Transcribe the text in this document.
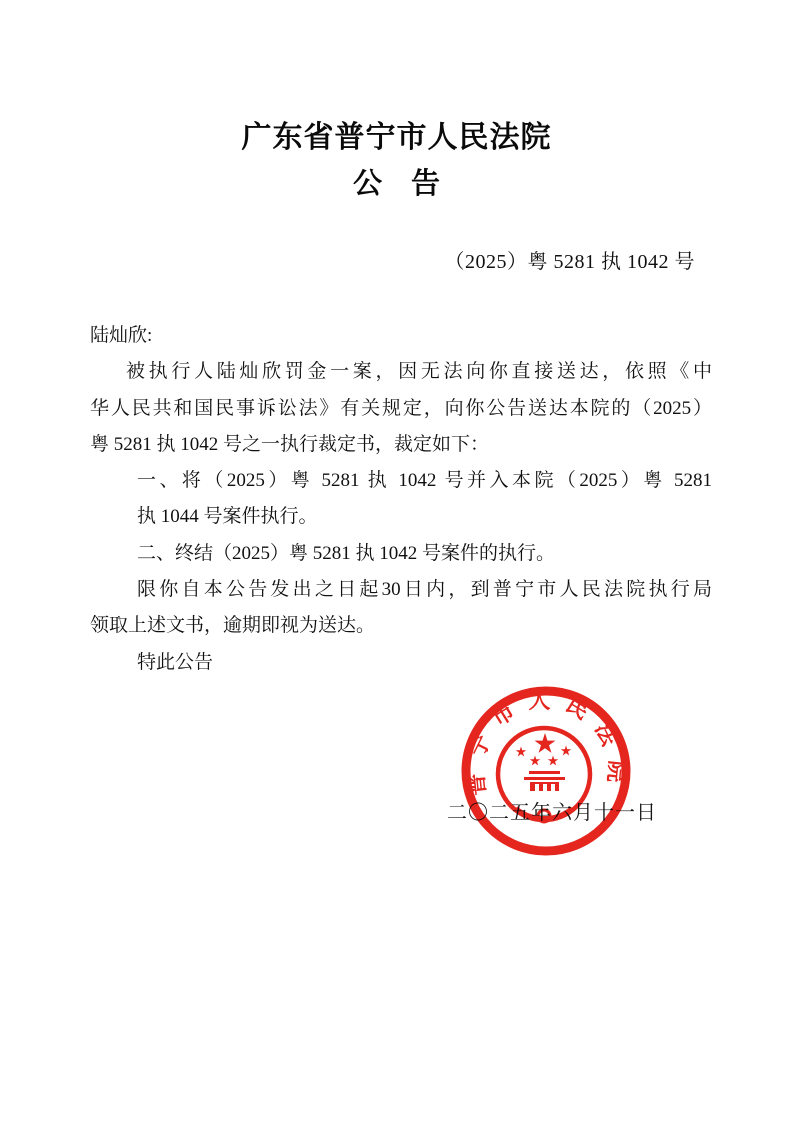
广东省普宁市人民法院
公　告
（2025）粤 5281 执 1042 号
陆灿欣:
被执行人陆灿欣罚金一案，因无法向你直接送达，依照《中
华人民共和国民事诉讼法》有关规定，向你公告送达本院的（2025）
粤 5281 执 1042 号之一执行裁定书，裁定如下：
一、将（2025）粤 5281 执 1042 号并入本院（2025）粤 5281
执 1044 号案件执行。
二、终结（2025）粤 5281 执 1042 号案件的执行。
限你自本公告发出之日起30日内，到普宁市人民法院执行局
领取上述文书，逾期即视为送达。
特此公告
二〇二五年六月十一日
普宁市人民法院
